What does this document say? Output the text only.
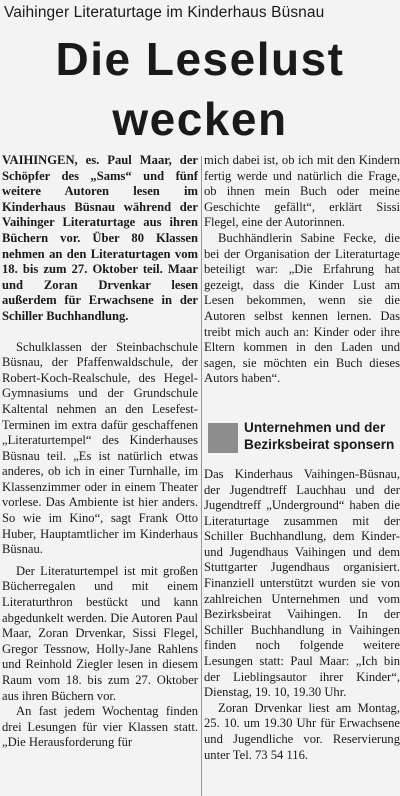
Vaihinger Literaturtage im Kinderhaus Büsnau
Die Leselust
wecken

VAIHINGEN, es. Paul Maar, der Schöpfer des „Sams“ und fünf weitere Autoren lesen im Kinderhaus Büsnau während der Vaihinger Literaturtage aus ihren Büchern vor. Über 80 Klassen nehmen an den Literaturtagen vom 18. bis zum 27. Oktober teil. Maar und Zoran Drvenkar lesen außerdem für Erwachsene in der Schiller Buchhandlung.

Schulklassen der Steinbachschule Büsnau, der Pfaffenwaldschule, der Robert-Koch-Realschule, des Hegel-Gymnasiums und der Grundschule Kaltental nehmen an den Lesefest-Terminen im extra dafür geschaffenen „Literaturtempel“ des Kinderhauses Büsnau teil. „Es ist natürlich etwas anderes, ob ich in einer Turnhalle, im Klassenzimmer oder in einem Theater vorlese. Das Ambiente ist hier anders. So wie im Kino“, sagt Frank Otto Huber, Hauptamtlicher im Kinderhaus Büsnau.

Der Literaturtempel ist mit großen Bücherregalen und mit einem Literaturthron bestückt und kann abgedunkelt werden. Die Autoren Paul Maar, Zoran Drvenkar, Sissi Flegel, Gregor Tessnow, Holly-Jane Rahlens und Reinhold Ziegler lesen in diesem Raum vom 18. bis zum 27. Oktober aus ihren Büchern vor.

An fast jedem Wochentag finden drei Lesungen für vier Klassen statt. „Die Herausforderung für

mich dabei ist, ob ich mit den Kindern fertig werde und natürlich die Frage, ob ihnen mein Buch oder meine Geschichte gefällt“, erklärt Sissi Flegel, eine der Autorinnen.

Buchhändlerin Sabine Fecke, die bei der Organisation der Literaturtage beteiligt war: „Die Erfahrung hat gezeigt, dass die Kinder Lust am Lesen bekommen, wenn sie die Autoren selbst kennen lernen. Das treibt mich auch an: Kinder oder ihre Eltern kommen in den Laden und sagen, sie möchten ein Buch dieses Autors haben“.

Unternehmen und der Bezirksbeirat sponsern

Das Kinderhaus Vaihingen-Büsnau, der Jugendtreff Lauchhau und der Jugendtreff „Underground“ haben die Literaturtage zusammen mit der Schiller Buchhandlung, dem Kinder- und Jugendhaus Vaihingen und dem Stuttgarter Jugendhaus organisiert. Finanziell unterstützt wurden sie von zahlreichen Unternehmen und vom Bezirksbeirat Vaihingen. In der Schiller Buchhandlung in Vaihingen finden noch folgende weitere Lesungen statt: Paul Maar: „Ich bin der Lieblingsautor ihrer Kinder“, Dienstag, 19. 10, 19.30 Uhr.

Zoran Drvenkar liest am Montag, 25. 10. um 19.30 Uhr für Erwachsene und Jugendliche vor. Reservierung unter Tel. 73 54 116.
